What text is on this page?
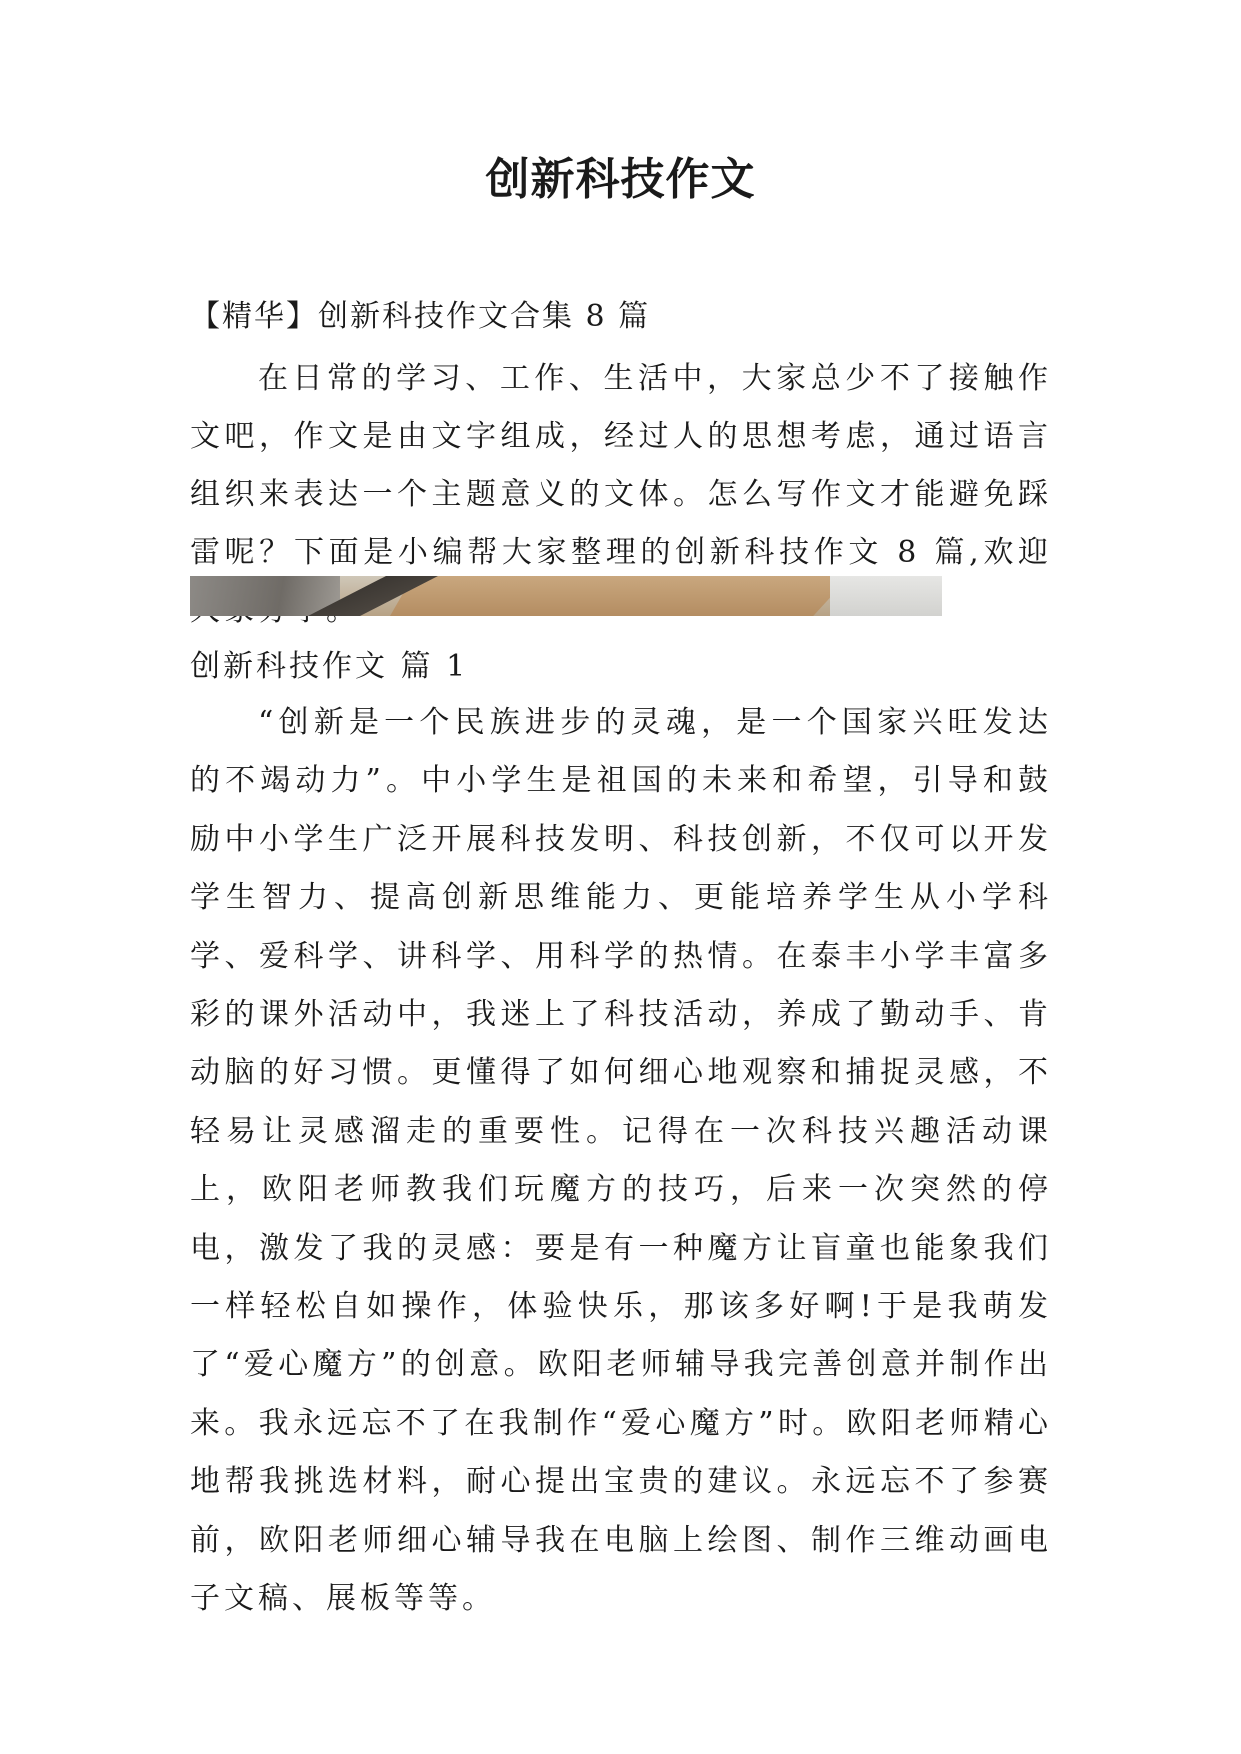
创新科技作文

【精华】创新科技作文合集 8 篇

在日常的学习、工作、生活中，大家总少不了接触作文吧，作文是由文字组成，经过人的思想考虑，通过语言组织来表达一个主题意义的文体。怎么写作文才能避免踩雷呢？下面是小编帮大家整理的创新科技作文 8 篇,欢迎

创新科技作文 篇 1

“创新是一个民族进步的灵魂，是一个国家兴旺发达的不竭动力”。中小学生是祖国的未来和希望，引导和鼓励中小学生广泛开展科技发明、科技创新，不仅可以开发学生智力、提高创新思维能力、更能培养学生从小学科学、爱科学、讲科学、用科学的热情。在泰丰小学丰富多彩的课外活动中，我迷上了科技活动，养成了勤动手、肯动脑的好习惯。更懂得了如何细心地观察和捕捉灵感，不轻易让灵感溜走的重要性。记得在一次科技兴趣活动课上，欧阳老师教我们玩魔方的技巧，后来一次突然的停电，激发了我的灵感：要是有一种魔方让盲童也能象我们一样轻松自如操作，体验快乐，那该多好啊!于是我萌发了“爱心魔方”的创意。欧阳老师辅导我完善创意并制作出来。我永远忘不了在我制作“爱心魔方”时。欧阳老师精心地帮我挑选材料，耐心提出宝贵的建议。永远忘不了参赛前，欧阳老师细心辅导我在电脑上绘图、制作三维动画电子文稿、展板等等。
